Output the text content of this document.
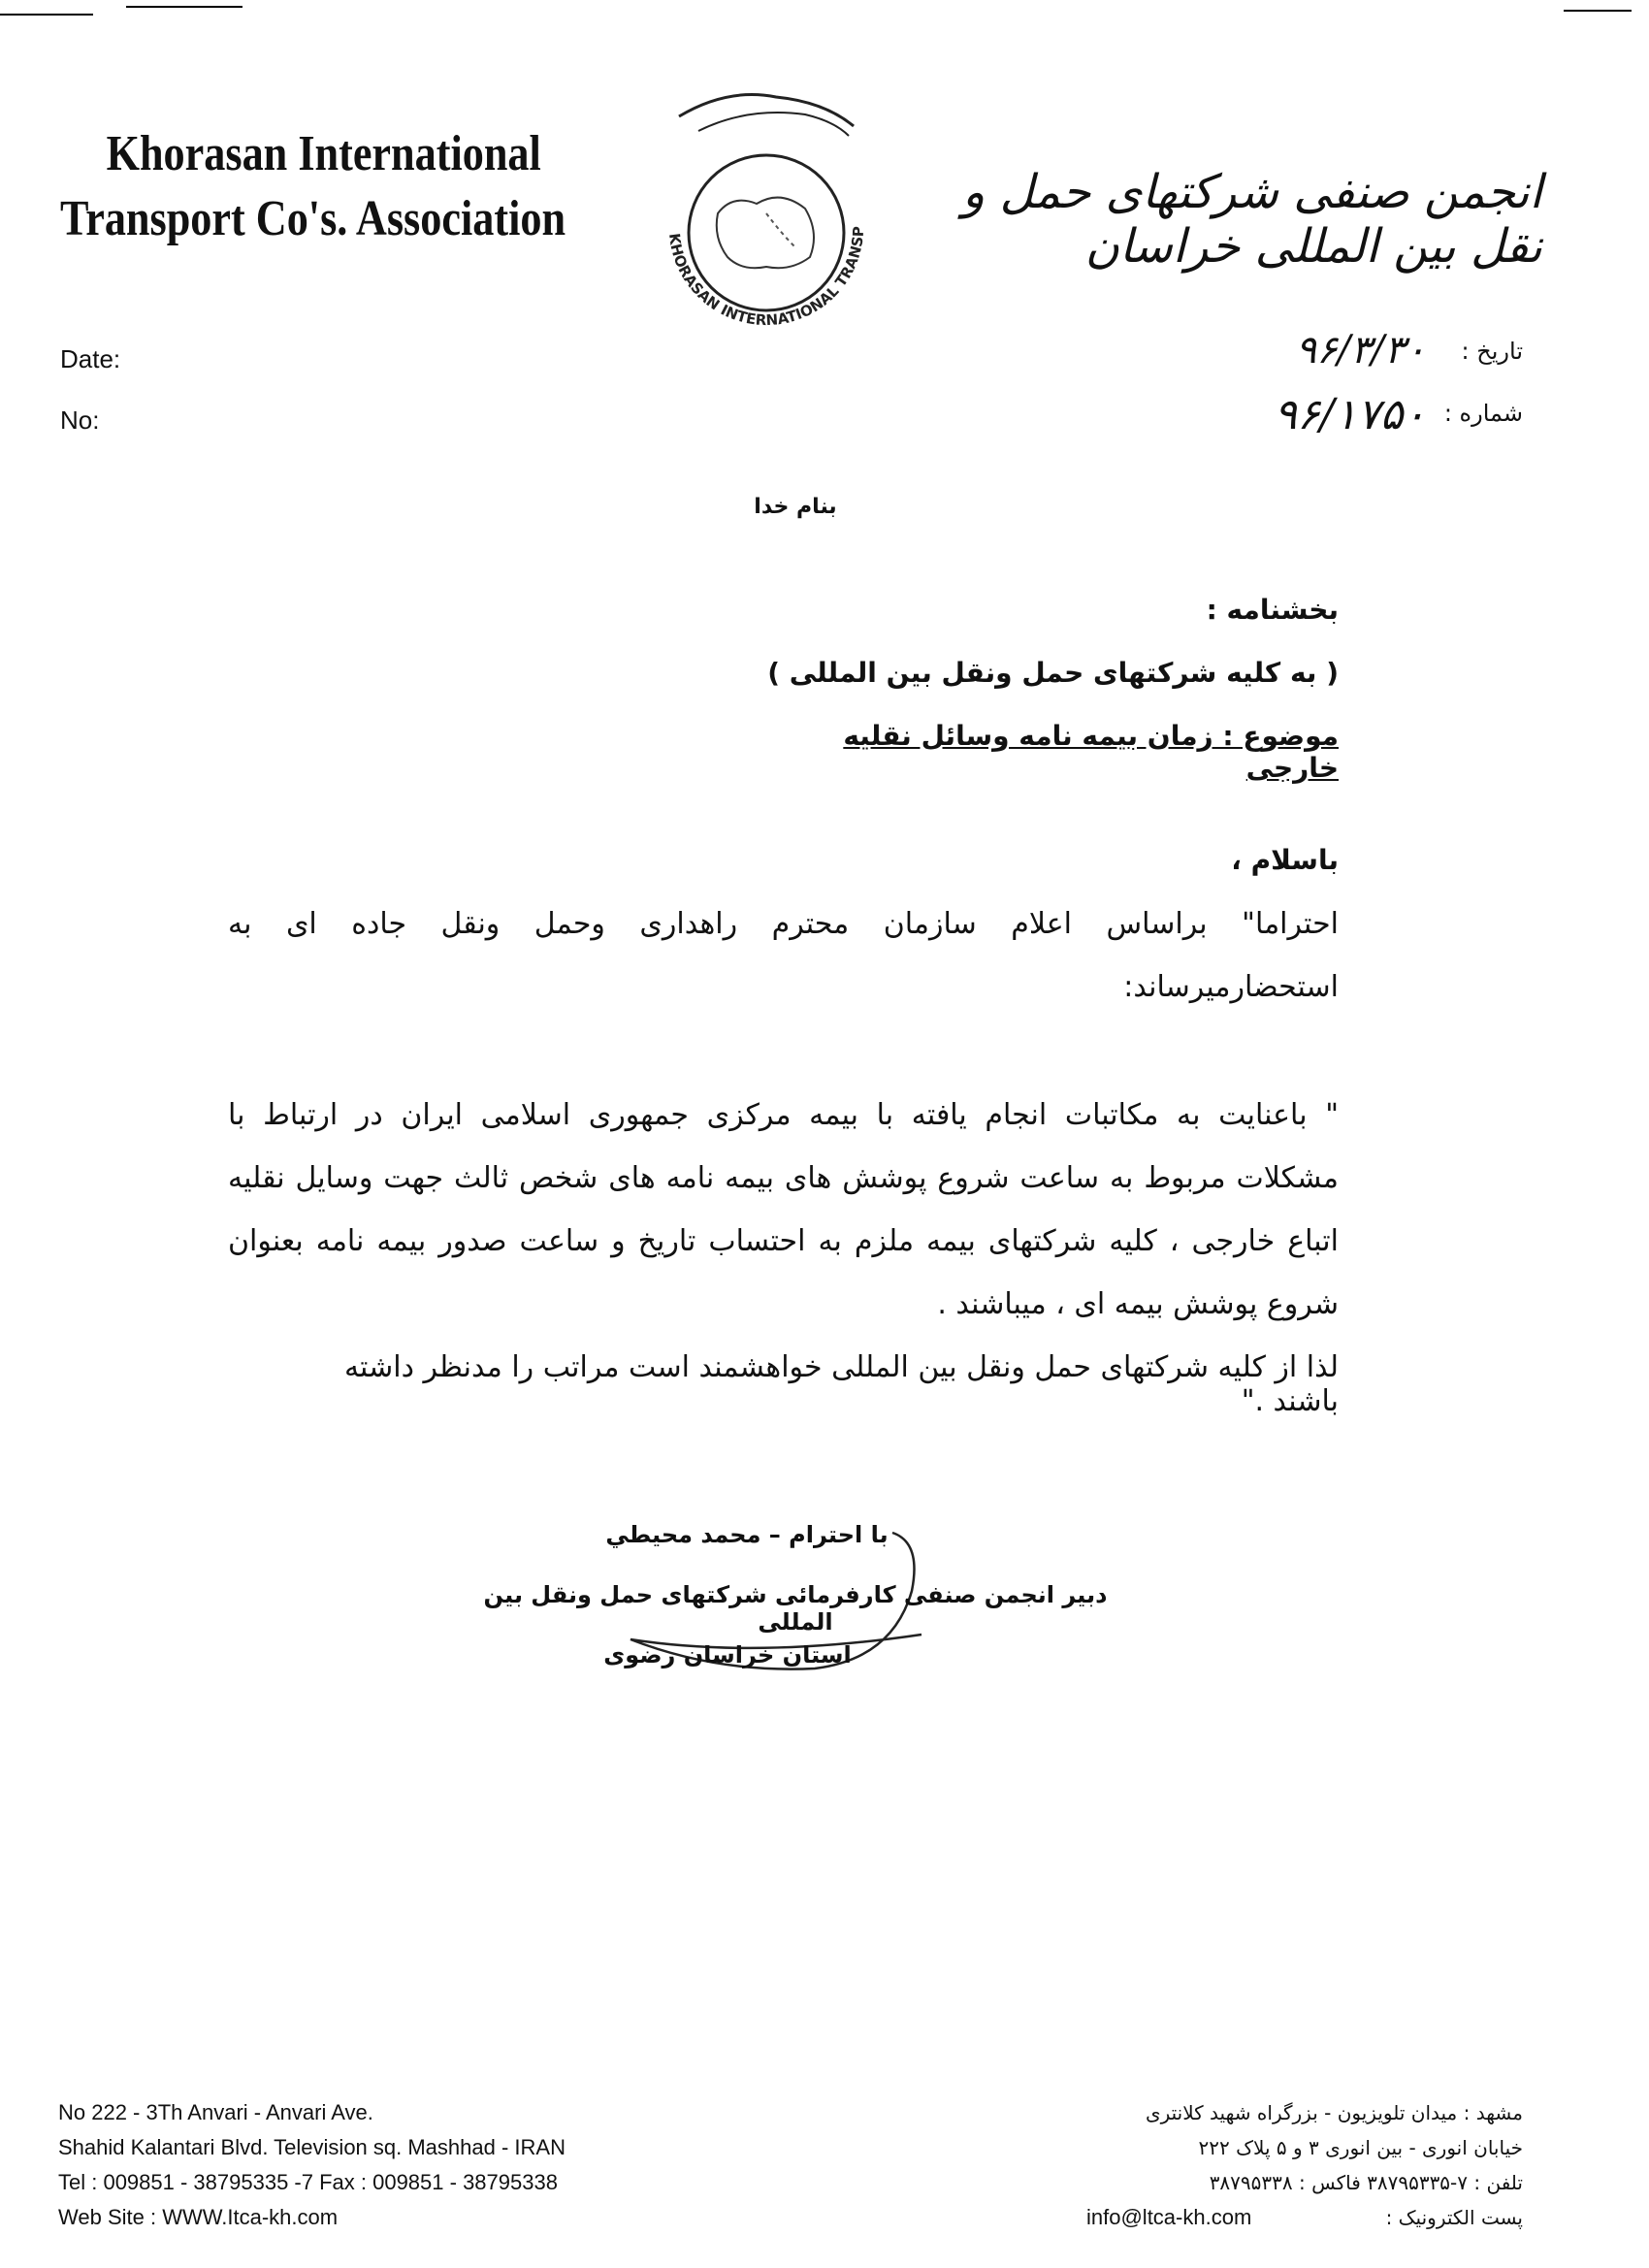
Khorasan International
Transport Co's. Association	KHORASAN INTERNATIONAL TRANSP
انجمن صنفی شرکتهای حمل و نقل بین المللی خراسان
Date:
No:
تاریخ :
۹۶/۳/۳۰
شماره :
۹۶/۱۷۵۰
بنام خدا
بخشنامه :
( به کلیه شرکتهای حمل ونقل بین المللی )
موضوع : زمان بیمه نامه وسائل نقلیه خارجی
باسلام ،
احتراما" براساس اعلام سازمان محترم راهداری وحمل ونقل جاده ای به
استحضارمیرساند:
" باعنایت به مکاتبات انجام یافته با بیمه مرکزی جمهوری اسلامی ایران در ارتباط با
مشکلات مربوط به ساعت شروع پوشش های بیمه نامه های شخص ثالث جهت وسایل نقلیه
اتباع خارجی ، کلیه شرکتهای بیمه ملزم به احتساب تاریخ و ساعت صدور بیمه نامه بعنوان
شروع پوشش بیمه ای ، میباشند .
لذا از کلیه شرکتهای حمل ونقل بین المللی خواهشمند است مراتب را مدنظر داشته باشند ."
با احترام – محمد محیطي
دبیر انجمن صنفی کارفرمائی شرکتهای حمل ونقل بین المللی
استان خراسان رضوی
No 222 - 3Th Anvari - Anvari Ave.
Shahid Kalantari Blvd. Television sq. Mashhad - IRAN
Tel : 009851 - 38795335 -7 Fax : 009851 - 38795338
Web Site : WWW.Itca-kh.com
مشهد : میدان تلویزیون - بزرگراه شهید کلانتری
خیابان انوری - بین انوری ۳ و ۵ پلاک ۲۲۲
تلفن : ۷-۳۸۷۹۵۳۳۵ فاکس : ۳۸۷۹۵۳۳۸
پست الکترونیک :
info@ltca-kh.com
